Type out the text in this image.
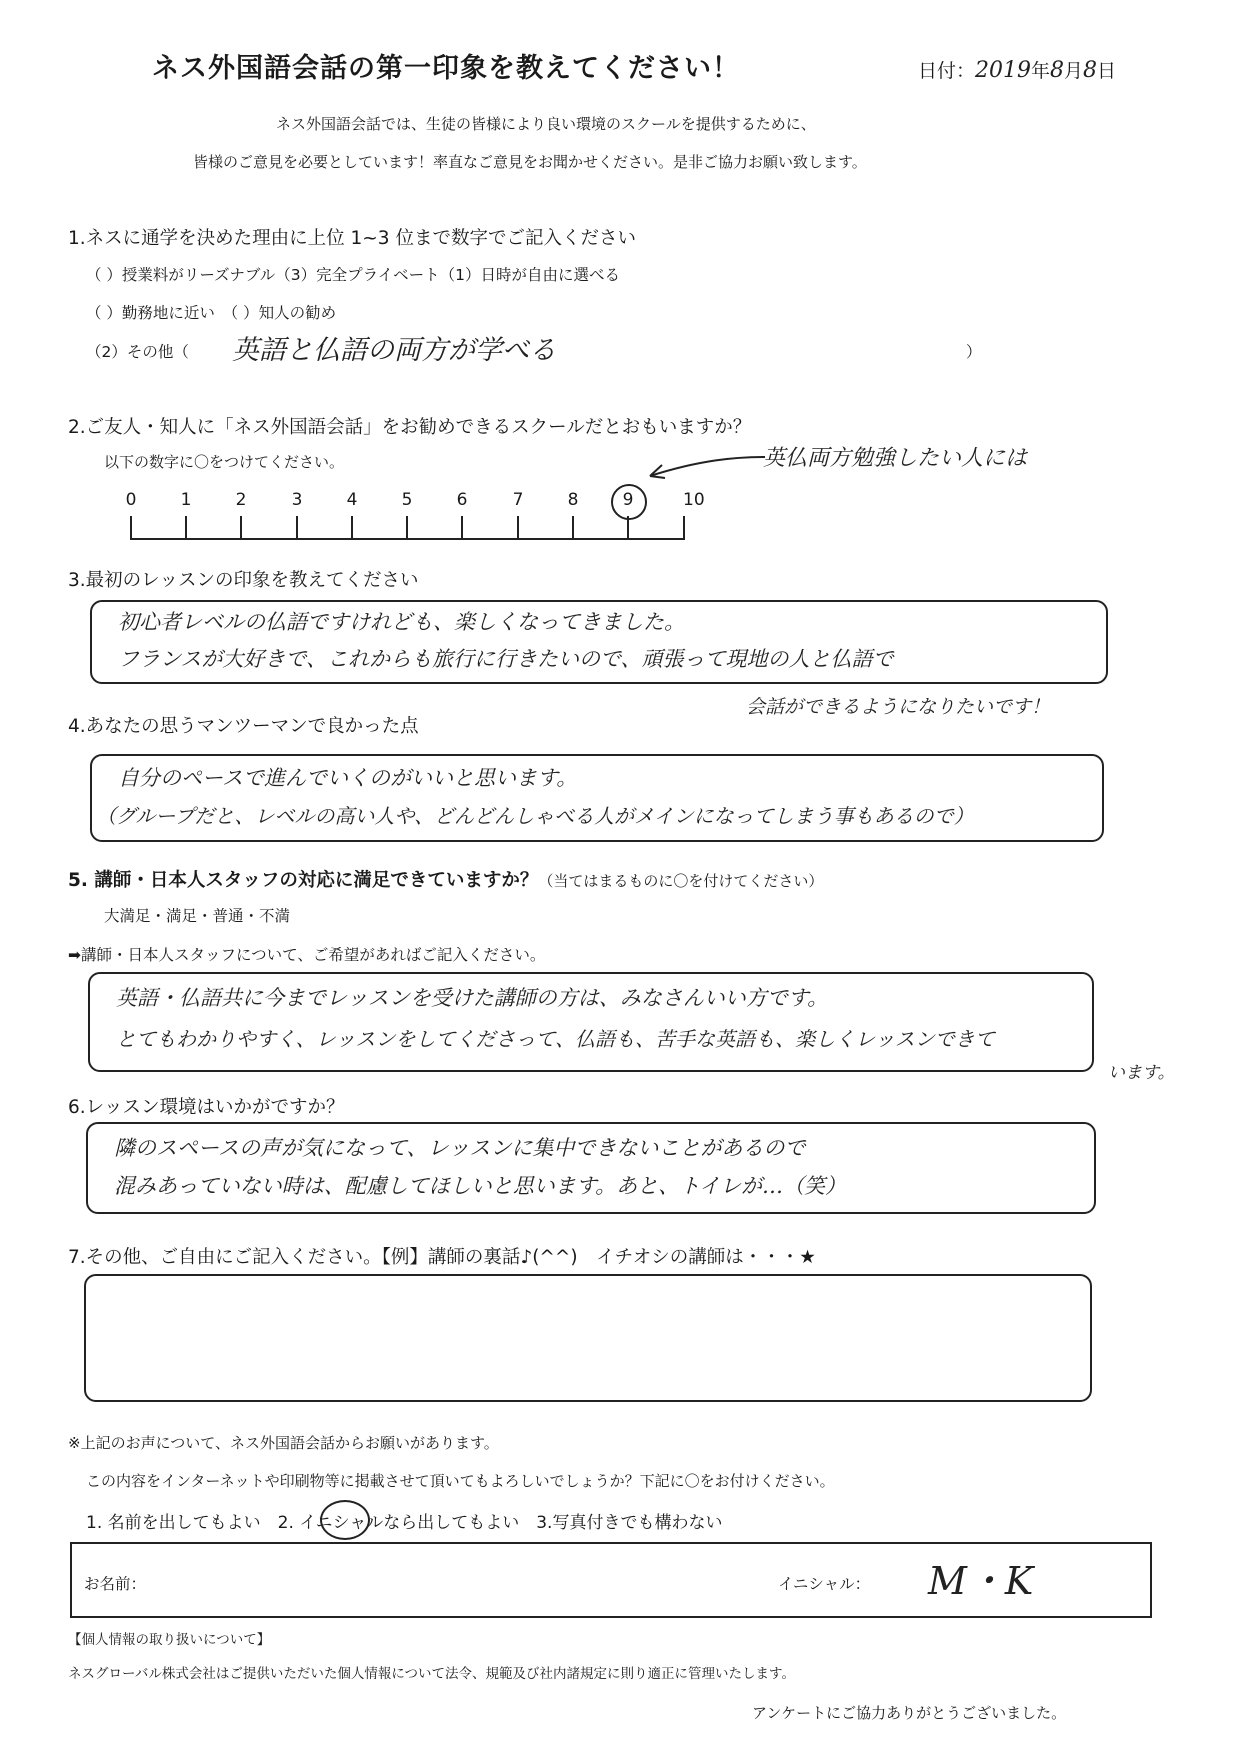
ネス外国語会話の第一印象を教えてください！	日付：2019年8月8日
ネス外国語会話では、生徒の皆様により良い環境のスクールを提供するために、
皆様のご意見を必要としています！率直なご意見をお聞かせください。是非ご協力お願い致します。
1.ネスに通学を決めた理由に上位 1~3 位まで数字でご記入ください
（ ）授業料がリーズナブル（3）完全プライベート（1）日時が自由に選べる
（ ）勤務地に近い　（ ）知人の勧め
（2）その他（ 英語と仏語の両方が学べる	）
2.ご友人・知人に「ネス外国語会話」をお勧めできるスクールだとおもいますか？
以下の数字に〇をつけてください。	英仏両方勉強したい人には
0	1	2	3	4	5	6	7	8	9	10
3.最初のレッスンの印象を教えてください
初心者レベルの仏語ですけれども、楽しくなってきました。
フランスが大好きで、これからも旅行に行きたいので、頑張って現地の人と仏語で
会話ができるようになりたいです！
4.あなたの思うマンツーマンで良かった点
自分のペースで進んでいくのがいいと思います。
（グループだと、レベルの高い人や、どんどんしゃべる人がメインになってしまう事もあるので）
5. 講師・日本人スタッフの対応に満足できていますか？（当てはまるものに〇を付けてください）
大満足・満足・普通・不満
➡講師・日本人スタッフについて、ご希望があればご記入ください。
英語・仏語共に今までレッスンを受けた講師の方は、みなさんいい方です。
とてもわかりやすく、レッスンをしてくださって、仏語も、苦手な英語も、楽しくレッスンできて
います。
6.レッスン環境はいかがですか？
隣のスペースの声が気になって、レッスンに集中できないことがあるので
混みあっていない時は、配慮してほしいと思います。あと、トイレが…（笑）
7.その他、ご自由にご記入ください。【例】講師の裏話♪(^^)　イチオシの講師は・・・★
※上記のお声について、ネス外国語会話からお願いがあります。
この内容をインターネットや印刷物等に掲載させて頂いてもよろしいでしょうか？下記に〇をお付けください。
1. 名前を出してもよい　2. イニシャルなら出してもよい　3.写真付きでも構わない
お名前：	イニシャル： M・K
【個人情報の取り扱いについて】
ネスグローバル株式会社はご提供いただいた個人情報について法令、規範及び社内諸規定に則り適正に管理いたします。
アンケートにご協力ありがとうございました。
